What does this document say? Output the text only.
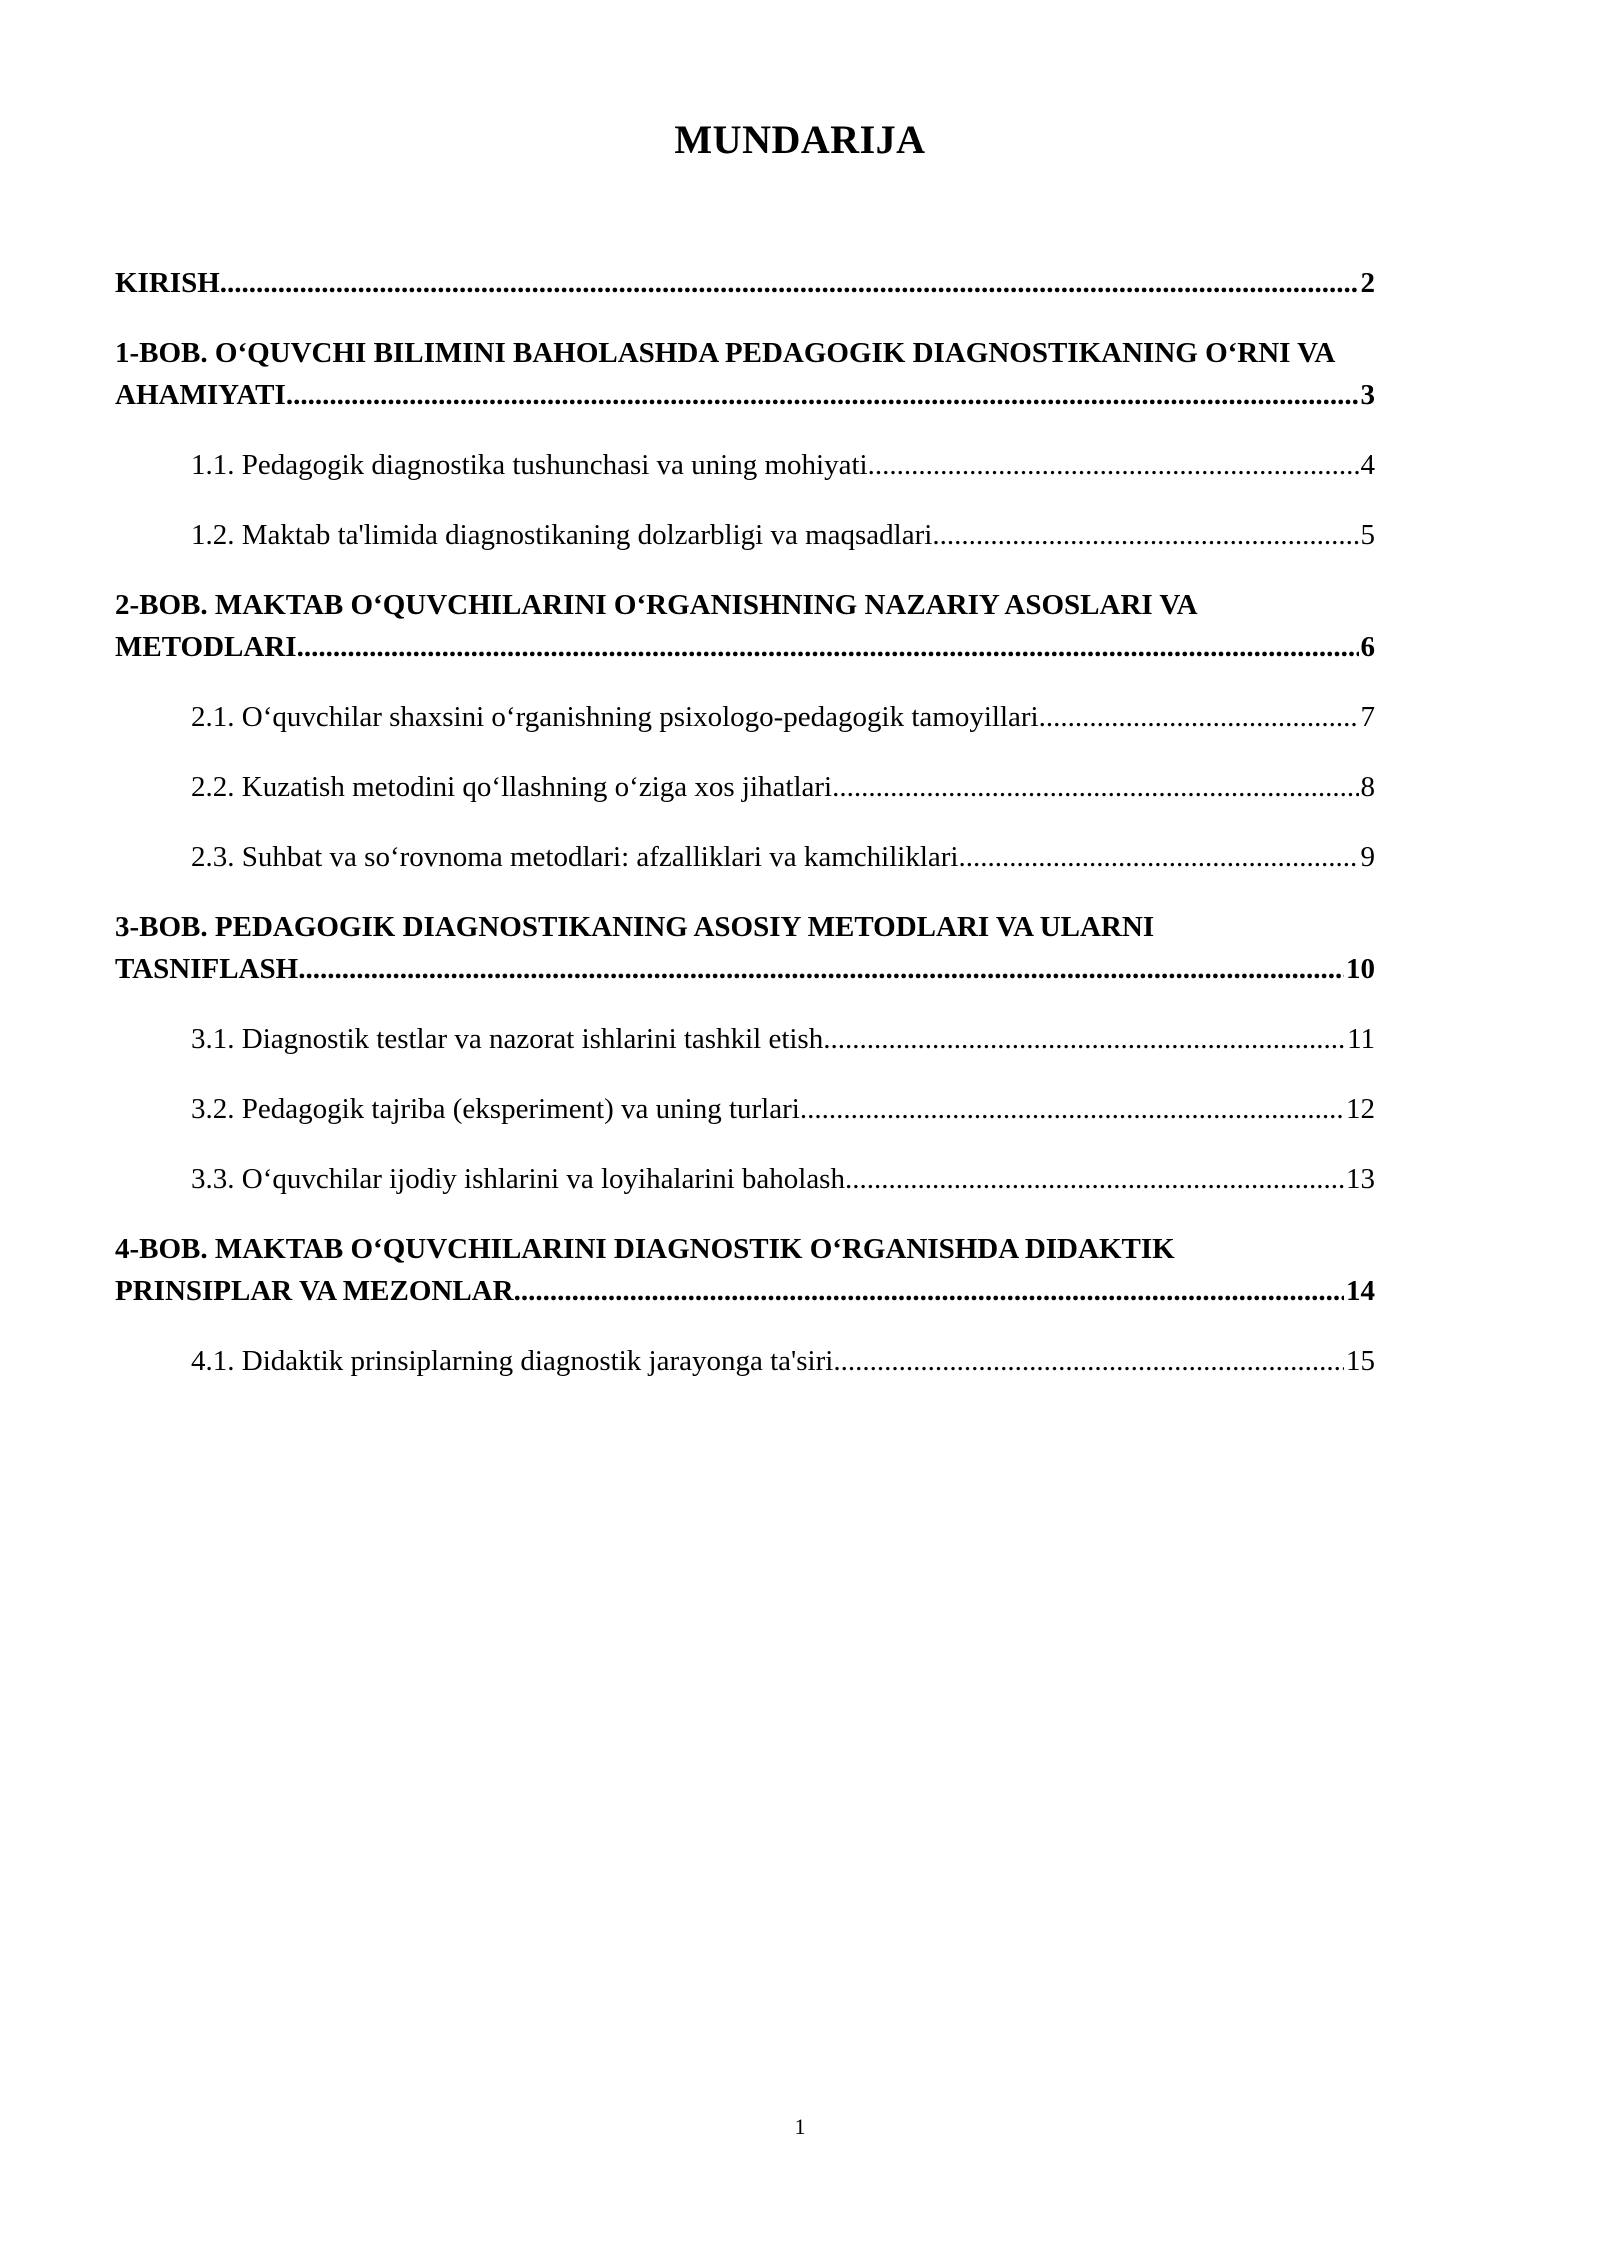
MUNDARIJA
KIRISH .....	2
1-BOB. O‘QUVCHI BILIMINI BAHOLASHDA PEDAGOGIK DIAGNOSTIKANING O‘RNI VA
AHAMIYATI .....	3
1.1. Pedagogik diagnostika tushunchasi va uning mohiyati .....	4
1.2. Maktab ta'limida diagnostikaning dolzarbligi va maqsadlari .....	5
2-BOB. MAKTAB O‘QUVCHILARINI O‘RGANISHNING NAZARIY ASOSLARI VA
METODLARI .....	6
2.1. O‘quvchilar shaxsini o‘rganishning psixologo-pedagogik tamoyillari .....	7
2.2. Kuzatish metodini qo‘llashning o‘ziga xos jihatlari .....	8
2.3. Suhbat va so‘rovnoma metodlari: afzalliklari va kamchiliklari .....	9
3-BOB. PEDAGOGIK DIAGNOSTIKANING ASOSIY METODLARI VA ULARNI
TASNIFLASH .....	10
3.1. Diagnostik testlar va nazorat ishlarini tashkil etish .....	11
3.2. Pedagogik tajriba (eksperiment) va uning turlari .....	12
3.3. O‘quvchilar ijodiy ishlarini va loyihalarini baholash .....	13
4-BOB. MAKTAB O‘QUVCHILARINI DIAGNOSTIK O‘RGANISHDA DIDAKTIK
PRINSIPLAR VA MEZONLAR .....	14
4.1. Didaktik prinsiplarning diagnostik jarayonga ta'siri .....	15
1
